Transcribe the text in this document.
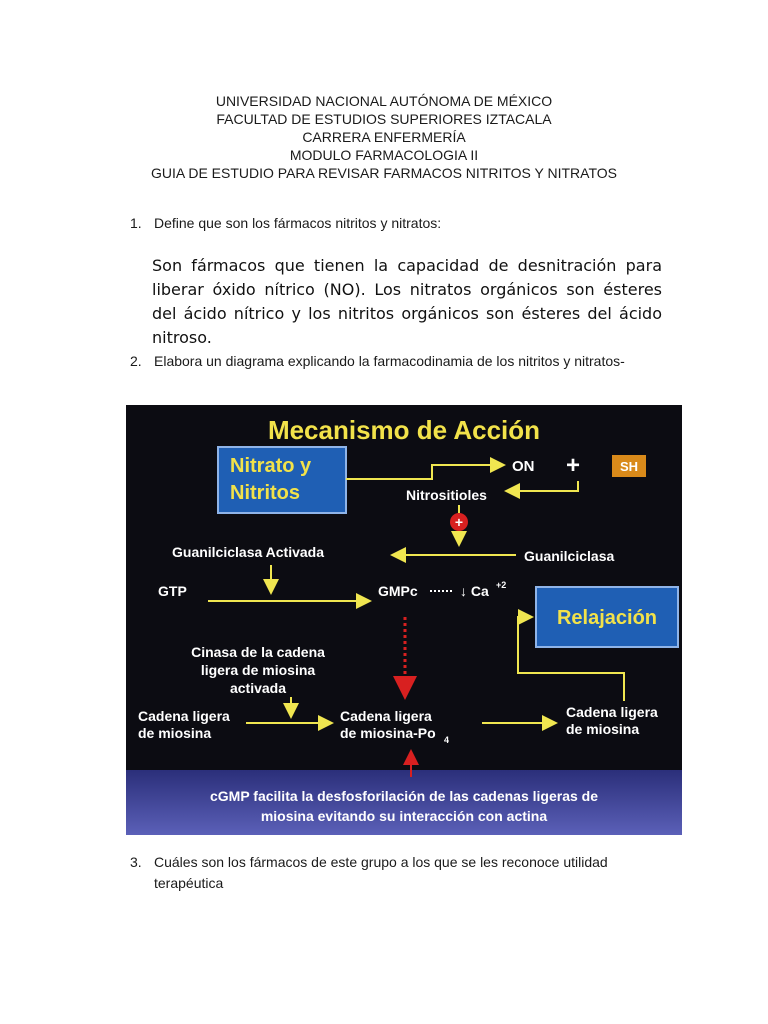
UNIVERSIDAD NACIONAL AUTÓNOMA DE MÉXICO
FACULTAD DE ESTUDIOS SUPERIORES IZTACALA
CARRERA ENFERMERÍA
MODULO FARMACOLOGIA II
GUIA DE ESTUDIO PARA REVISAR FARMACOS NITRITOS Y NITRATOS
1. Define que son los fármacos nitritos y nitratos:
Son fármacos que tienen la capacidad de desnitración para liberar óxido nítrico (NO). Los nitratos orgánicos son ésteres del ácido nítrico y los nitritos orgánicos son ésteres del ácido nitroso.
2. Elabora un diagrama explicando la farmacodinamia de los nitritos y nitratos-
Mecanismo de Acción
Nitrato y
Nitritos
ON +	SH
Nitrositioles
+
Guanilciclasa Activada	Guanilciclasa
GTP	GMPc	↓ Ca +2
Relajación
Cinasa de la cadena
ligera de miosina
activada
Cadena ligera
de miosina
Cadena ligera
de miosina-Po 4
Cadena ligera
de miosina
cGMP facilita la desfosforilación de las cadenas ligeras de
miosina evitando su interacción con actina
3. Cuáles son los fármacos de este grupo a los que se les reconoce utilidad
terapéutica
